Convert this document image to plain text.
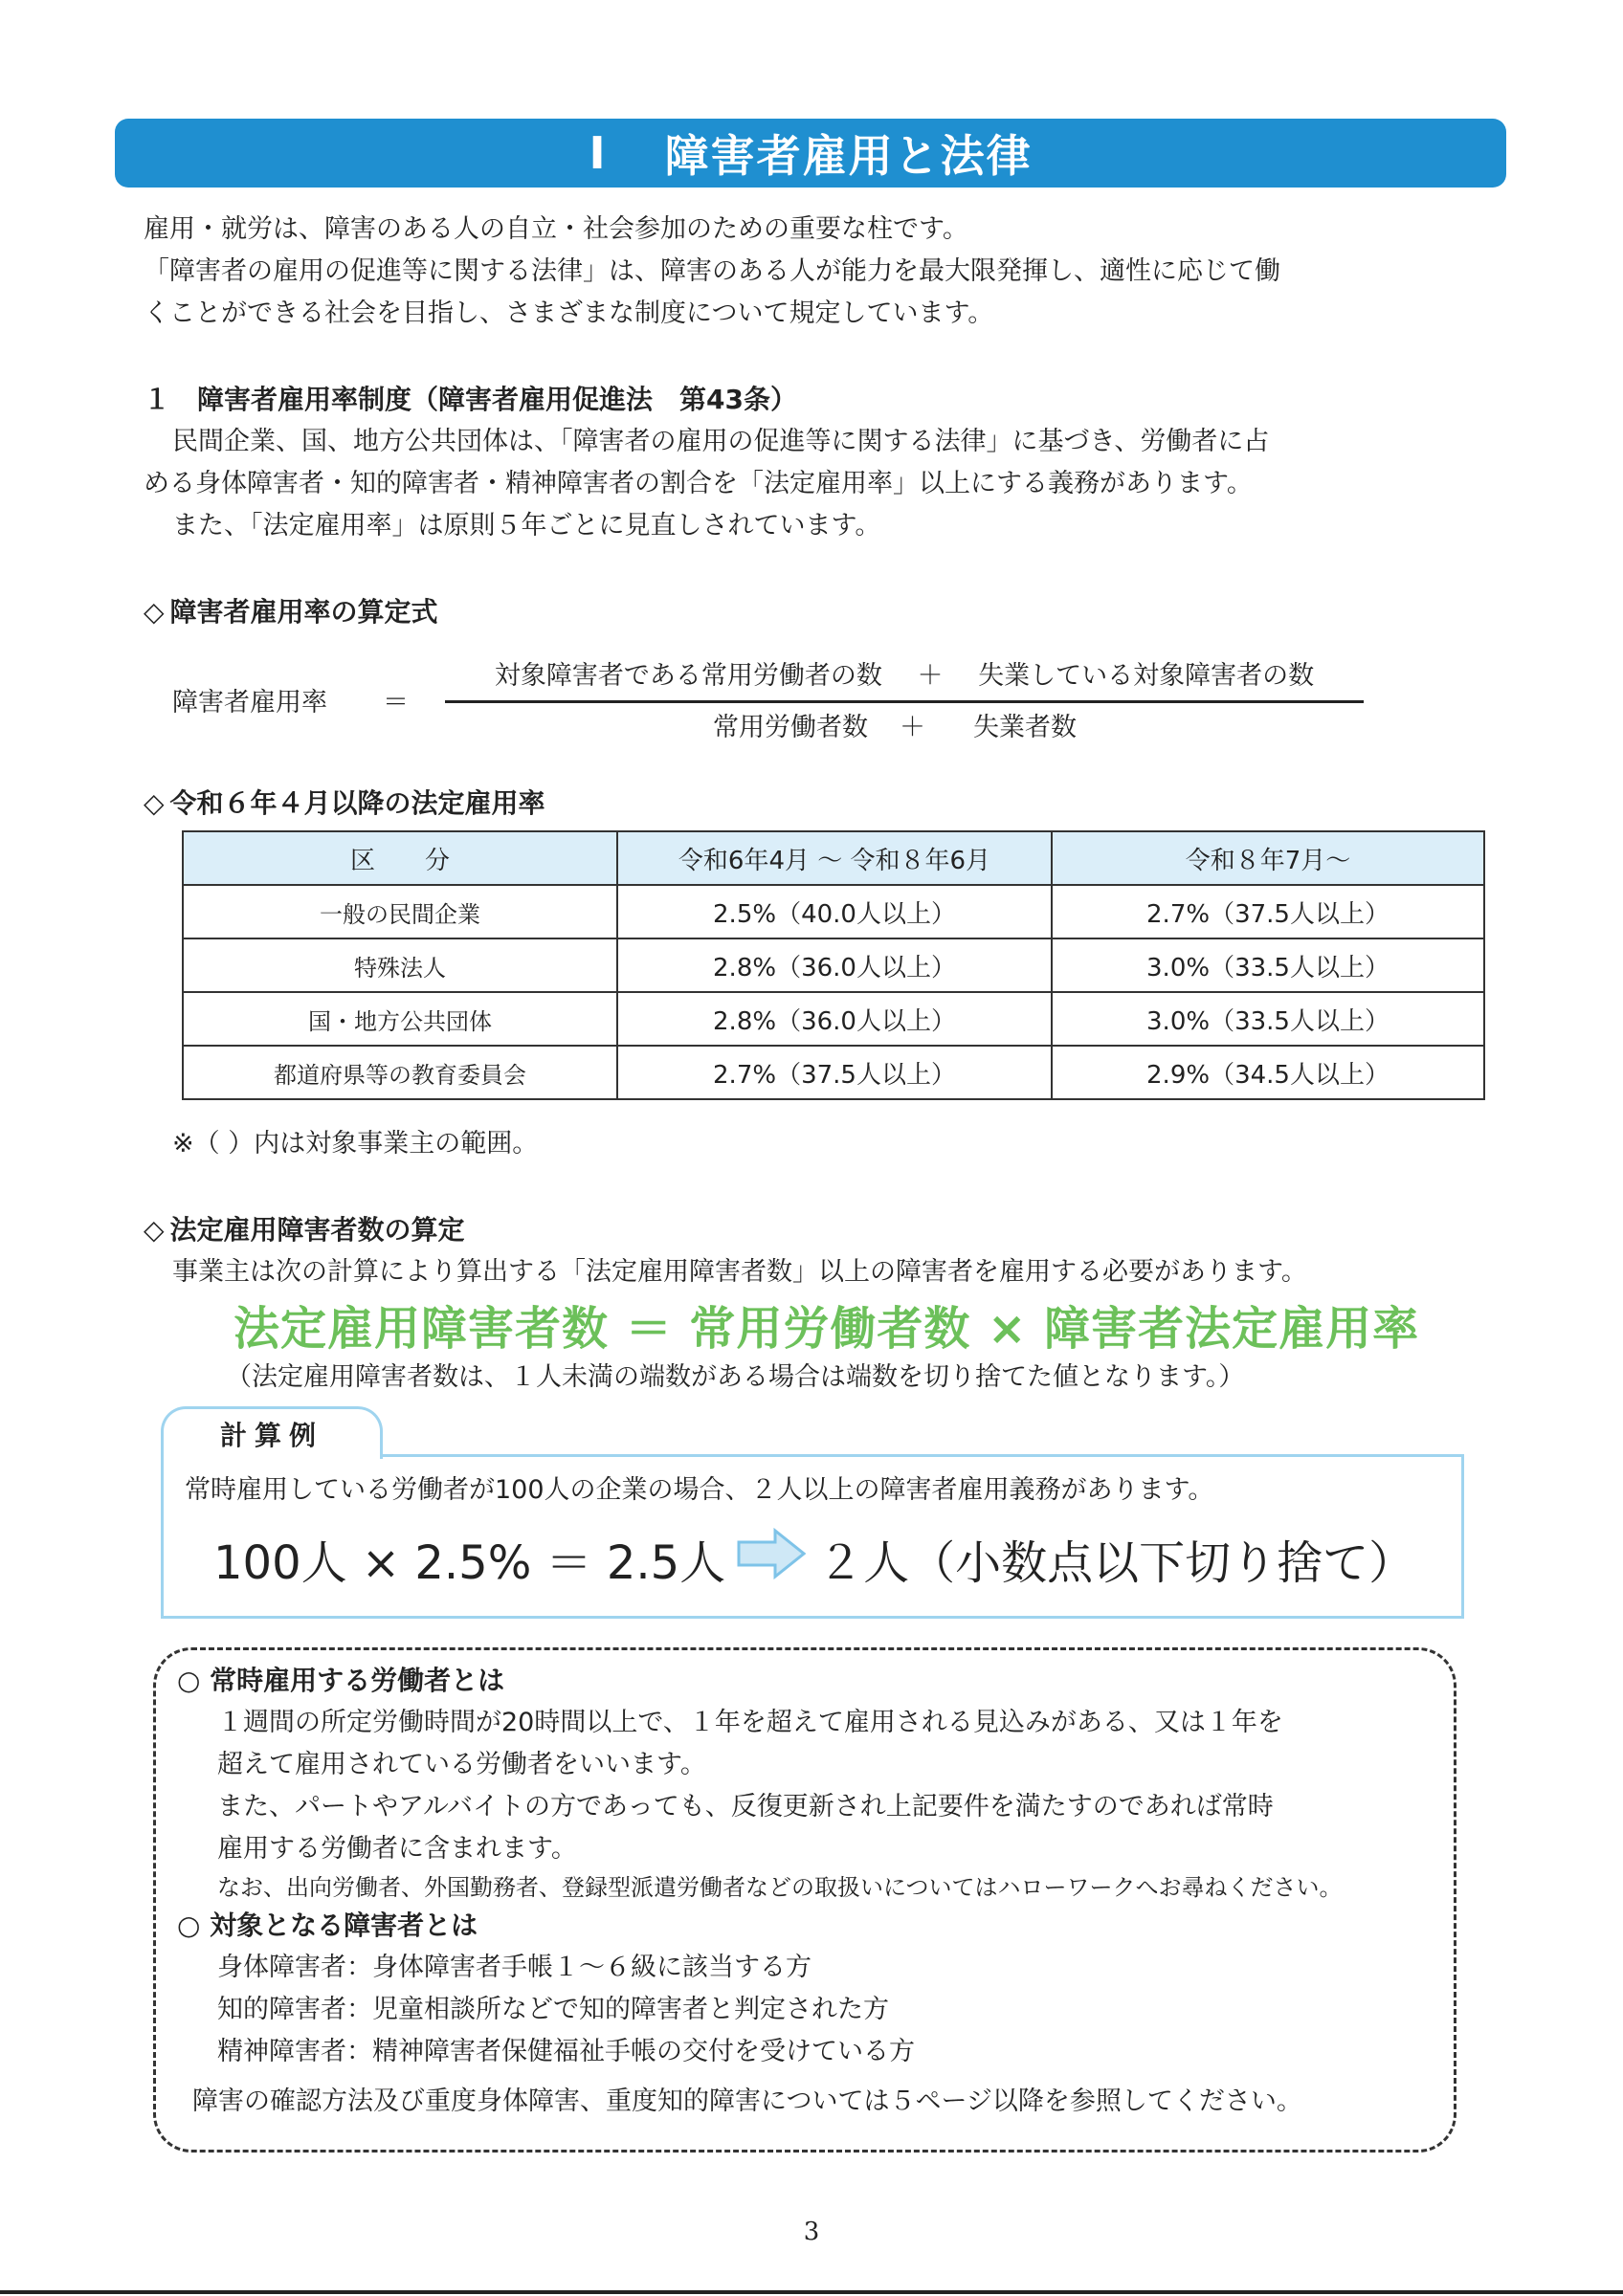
Ⅰ 障害者雇用と法律
雇用・就労は、障害のある人の自立・社会参加のための重要な柱です。
「障害者の雇用の促進等に関する法律」は、障害のある人が能力を最大限発揮し、適性に応じて働
くことができる社会を目指し、さまざまな制度について規定しています。
１　障害者雇用率制度（障害者雇用促進法　第43条）
民間企業、国、地方公共団体は、「障害者の雇用の促進等に関する法律」に基づき、労働者に占
める身体障害者・知的障害者・精神障害者の割合を「法定雇用率」以上にする義務があります。
また、「法定雇用率」は原則５年ごとに見直しされています。
◇ 障害者雇用率の算定式
障害者雇用率 ＝
対象障害者である常用労働者の数 ＋ 失業している対象障害者の数
常用労働者数 ＋ 失業者数
◇ 令和６年４月以降の法定雇用率
区　　分	令和6年4月 ～ 令和８年6月	令和８年7月～
一般の民間企業	2.5%（40.0人以上）	2.7%（37.5人以上）
特殊法人	2.8%（36.0人以上）	3.0%（33.5人以上）
国・地方公共団体	2.8%（36.0人以上）	3.0%（33.5人以上）
都道府県等の教育委員会	2.7%（37.5人以上）	2.9%（34.5人以上）
※（ ）内は対象事業主の範囲。
◇ 法定雇用障害者数の算定
事業主は次の計算により算出する「法定雇用障害者数」以上の障害者を雇用する必要があります。
法定雇用障害者数 ＝ 常用労働者数 × 障害者法定雇用率
（法定雇用障害者数は、１人未満の端数がある場合は端数を切り捨てた値となります。）
常時雇用している労働者が100人の企業の場合、２人以上の障害者雇用義務があります。
100人 × 2.5% ＝ 2.5人 ２人（小数点以下切り捨て）
計算例
○ 常時雇用する労働者とは
１週間の所定労働時間が20時間以上で、１年を超えて雇用される見込みがある、又は１年を
超えて雇用されている労働者をいいます。
また、パートやアルバイトの方であっても、反復更新され上記要件を満たすのであれば常時
雇用する労働者に含まれます。
なお、出向労働者、外国勤務者、登録型派遣労働者などの取扱いについてはハローワークへお尋ねください。
○ 対象となる障害者とは
身体障害者：身体障害者手帳１～６級に該当する方
知的障害者：児童相談所などで知的障害者と判定された方
精神障害者：精神障害者保健福祉手帳の交付を受けている方
障害の確認方法及び重度身体障害、重度知的障害については５ページ以降を参照してください。
3
